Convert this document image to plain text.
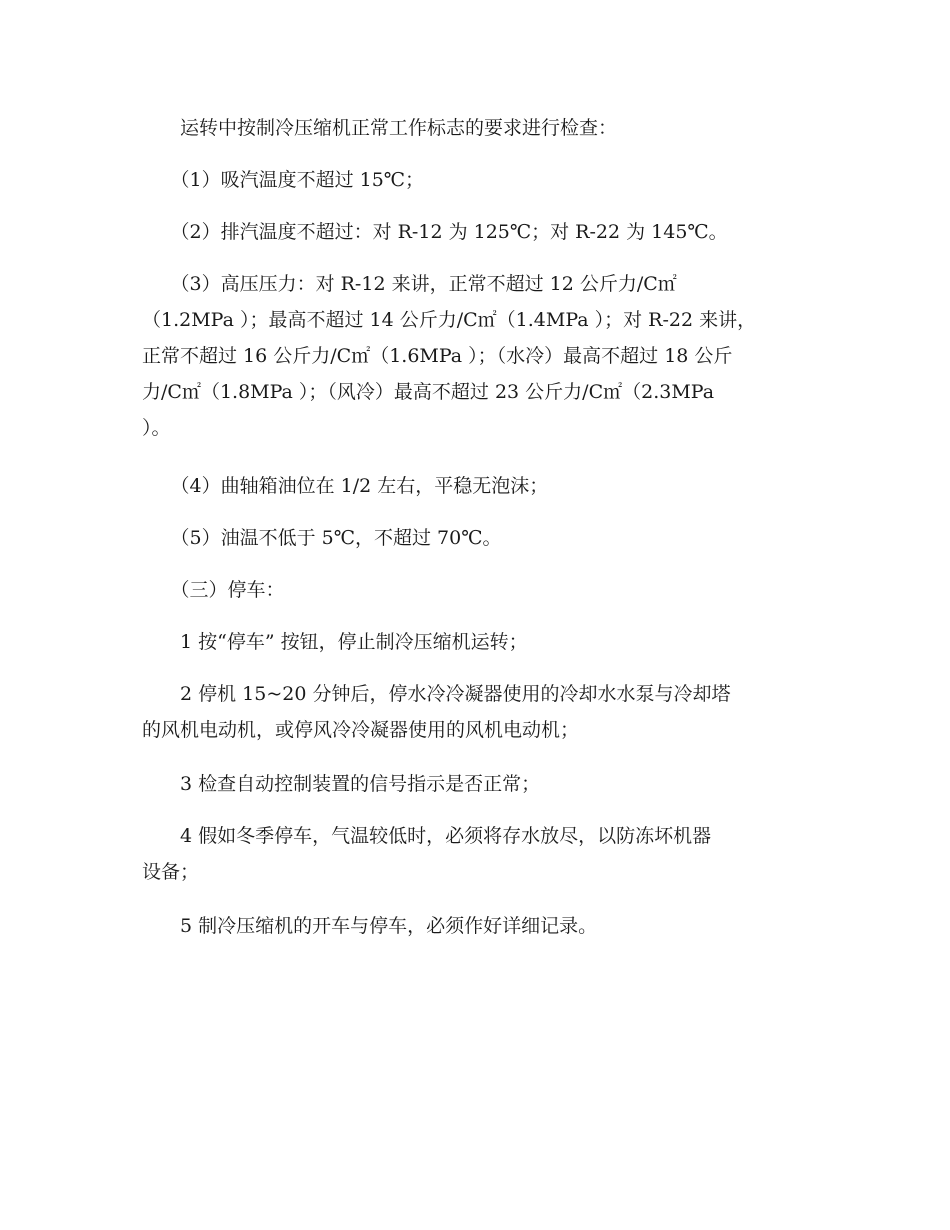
　　运转中按制冷压缩机正常工作标志的要求进行检查：

　　（1）吸汽温度不超过 15℃；

　　（2）排汽温度不超过：对 R-12 为 125℃；对 R-22 为 145℃。

　　（3）高压压力：对 R-12 来讲，正常不超过 12 公斤力/C㎡
（1.2MPa ）；最高不超过 14 公斤力/C㎡（1.4MPa ）；对 R-22 来讲，
正常不超过 16 公斤力/C㎡（1.6MPa ）；（水冷）最高不超过 18 公斤
力/C㎡（1.8MPa ）；（风冷）最高不超过 23 公斤力/C㎡（2.3MPa
）。

　　（4）曲轴箱油位在 1/2 左右，平稳无泡沫；

　　（5）油温不低于 5℃，不超过 70℃。

　　（三）停车：

　　1 按“停车” 按钮，停止制冷压缩机运转；

　　2 停机 15~20 分钟后，停水冷冷凝器使用的冷却水水泵与冷却塔
的风机电动机，或停风冷冷凝器使用的风机电动机；

　　3 检查自动控制装置的信号指示是否正常；

　　4 假如冬季停车，气温较低时，必须将存水放尽，以防冻坏机器
设备；

　　5 制冷压缩机的开车与停车，必须作好详细记录。
